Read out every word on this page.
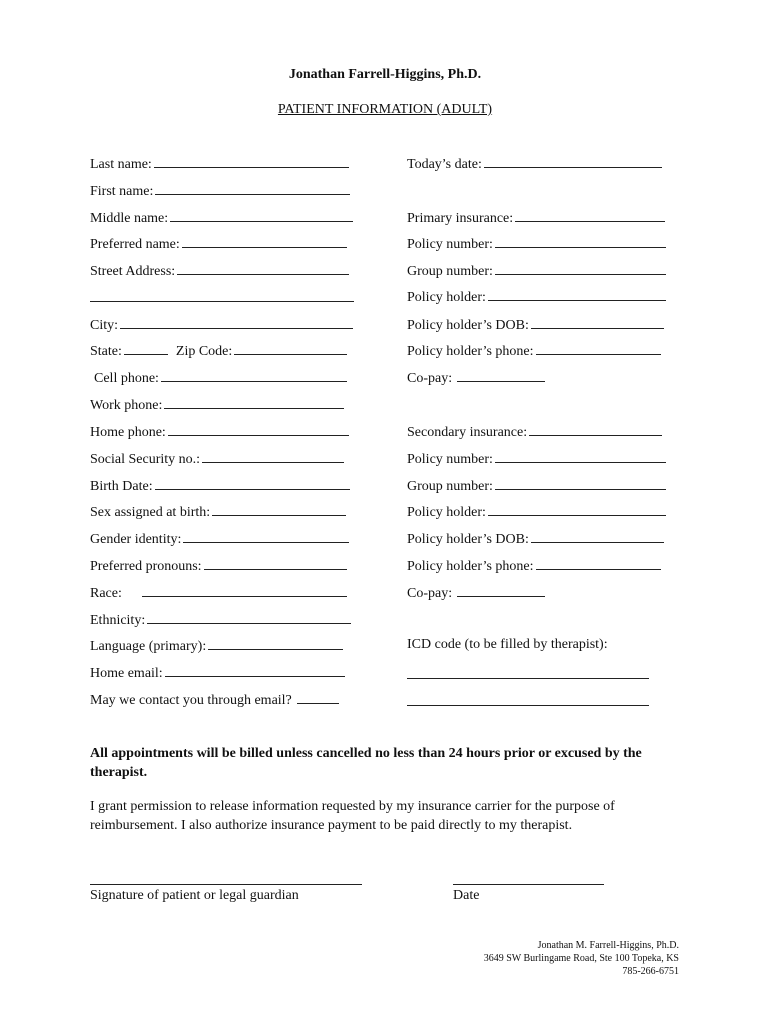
Jonathan Farrell-Higgins, Ph.D.
PATIENT INFORMATION (ADULT)
Last name:
First name:
Middle name:
Preferred name:
Street Address:
City:
State:	Zip Code:
Cell phone:
Work phone:
Home phone:
Social Security no.:
Birth Date:
Sex assigned at birth:
Gender identity:
Preferred pronouns:
Race:
Ethnicity:
Language (primary):
Home email:
May we contact you through email?
Today’s date:
Primary insurance:
Policy number:
Group number:
Policy holder:
Policy holder’s DOB:
Policy holder’s phone:
Co-pay:
Secondary insurance:
Policy number:
Group number:
Policy holder:
Policy holder’s DOB:
Policy holder’s phone:
Co-pay:
ICD code (to be filled by therapist):
All appointments will be billed unless cancelled no less than 24 hours prior or excused by the therapist.
I grant permission to release information requested by my insurance carrier for the purpose of reimbursement. I also authorize insurance payment to be paid directly to my therapist.
Signature of patient or legal guardian	Date
Jonathan M. Farrell-Higgins, Ph.D.
3649 SW Burlingame Road, Ste 100 Topeka, KS
785-266-6751
